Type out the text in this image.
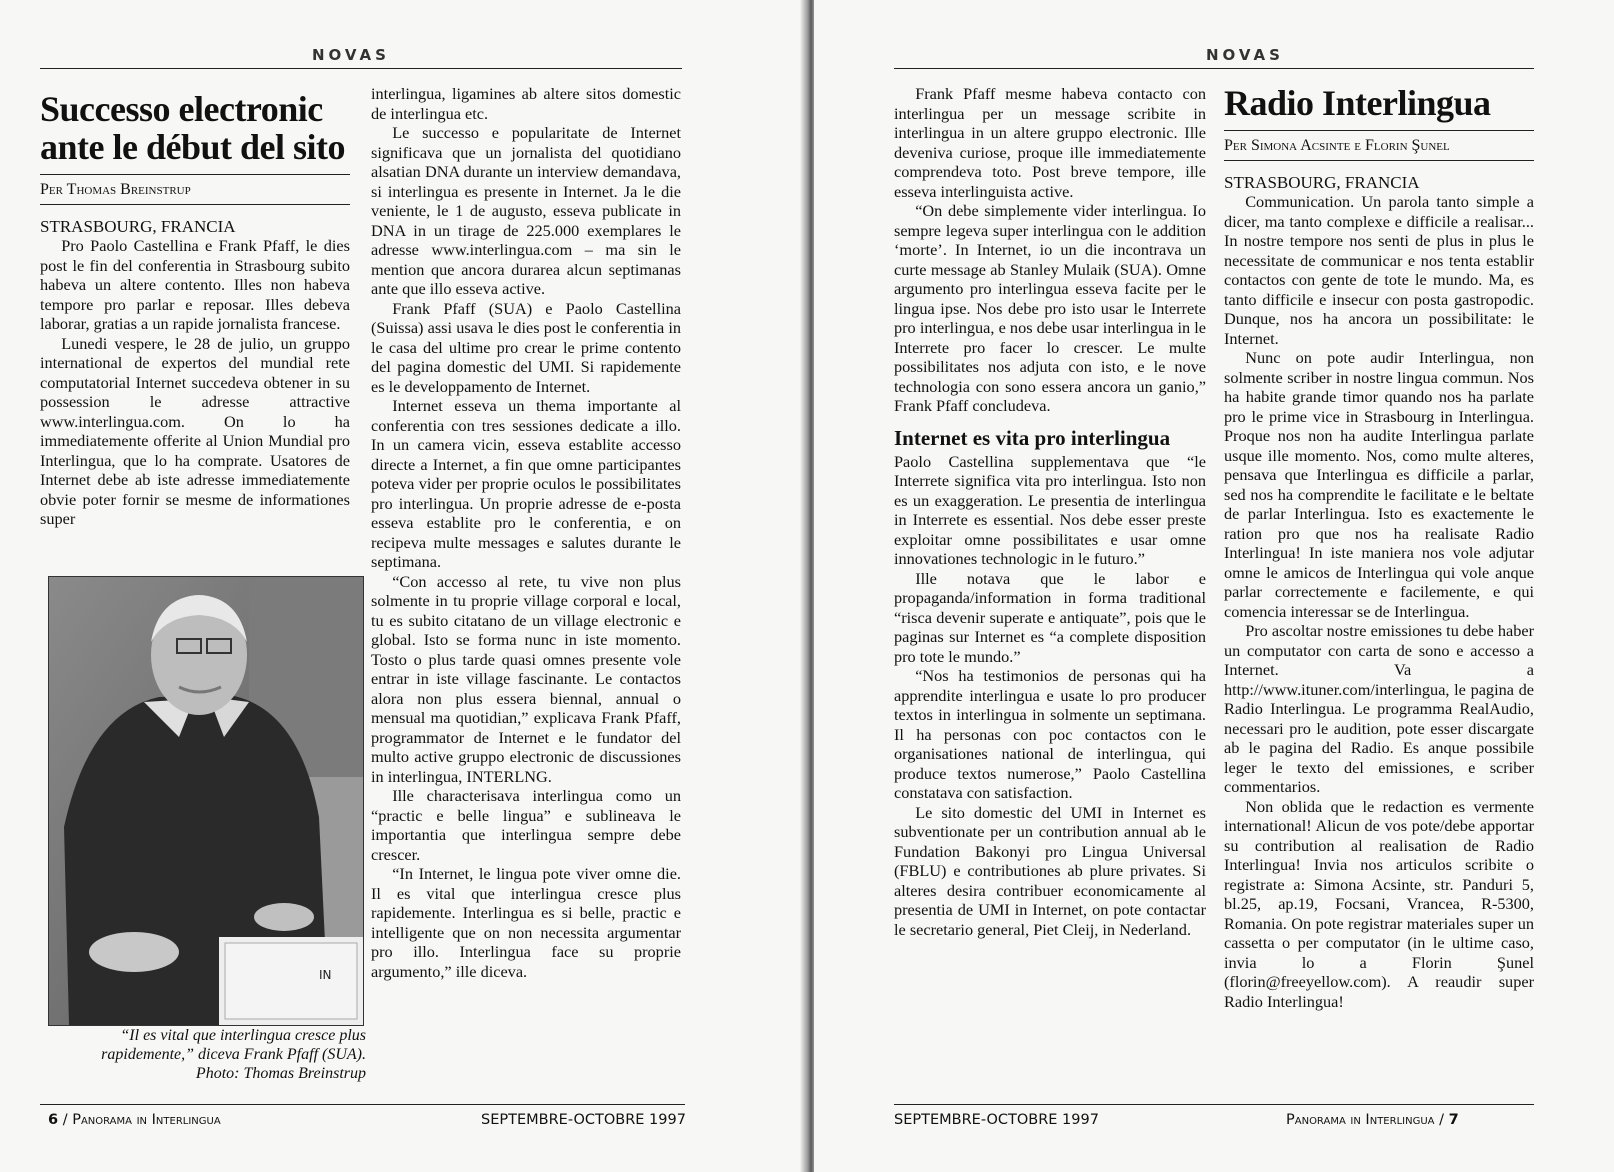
NOVAS
Successo electronic ante le début del sito
Per Thomas Breinstrup

STRASBOURG, FRANCIA

Pro Paolo Castellina e Frank Pfaff, le dies post le fin del conferentia in Strasbourg subito habeva un altere contento. Illes non habeva tempore pro parlar e reposar. Illes debeva laborar, gratias a un rapide jornalista francese.

Lunedi vespere, le 28 de julio, un gruppo international de expertos del mundial rete computatorial Internet succedeva obtener in su possession le adresse attractive www.interlingua.com. On lo ha immediatemente offerite al Union Mundial pro Interlingua, que lo ha comprate. Usatores de Internet debe ab iste adresse immediatemente obvie poter fornir se mesme de informationes super

IN
“Il es vital que interlingua cresce plus rapidemente,” diceva Frank Pfaff (SUA).
Photo: Thomas Breinstrup

interlingua, ligamines ab altere sitos domestic de interlingua etc.

Le successo e popularitate de Internet significava que un jornalista del quotidiano alsatian DNA durante un interview demandava, si interlingua es presente in Internet. Ja le die veniente, le 1 de augusto, esseva publicate in DNA in un tirage de 225.000 exemplares le adresse www.interlingua.com – ma sin le mention que ancora durarea alcun septimanas ante que illo esseva active.

Frank Pfaff (SUA) e Paolo Castellina (Suissa) assi usava le dies post le conferentia in le casa del ultime pro crear le prime contento del pagina domestic del UMI. Si rapidemente es le developpamento de Internet.

Internet esseva un thema importante al conferentia con tres sessiones dedicate a illo. In un camera vicin, esseva establite accesso directe a Internet, a fin que omne participantes poteva vider per proprie oculos le possibilitates pro interlingua. Un proprie adresse de e-posta esseva establite pro le conferentia, e on recipeva multe messages e salutes durante le septimana.

“Con accesso al rete, tu vive non plus solmente in tu proprie village corporal e local, tu es subito citatano de un village electronic e global. Isto se forma nunc in iste momento. Tosto o plus tarde quasi omnes presente vole entrar in iste village fascinante. Le contactos alora non plus essera biennal, annual o mensual ma quotidian,” explicava Frank Pfaff, programmator de Internet e le fundator del multo active gruppo electronic de discussiones in interlingua, INTERLNG.

Ille characterisava interlingua como un “practic e belle lingua” e sublineava le importantia que interlingua sempre debe crescer.

“In Internet, le lingua pote viver omne die. Il es vital que interlingua cresce plus rapidemente. Interlingua es si belle, practic e intelligente que on non necessita argumentar pro illo. Interlingua face su proprie argumento,” ille diceva.

6 / Panorama in Interlingua	SEPTEMBRE-OCTOBRE 1997
NOVAS

Frank Pfaff mesme habeva contacto con interlingua per un message scribite in interlingua in un altere gruppo electronic. Ille deveniva curiose, proque ille immediatemente comprendeva toto. Post breve tempore, ille esseva interlinguista active.

“On debe simplemente vider interlingua. Io sempre legeva super interlingua con le addition ‘morte’. In Internet, io un die incontrava un curte message ab Stanley Mulaik (SUA). Omne argumento pro interlingua esseva facite per le lingua ipse. Nos debe pro isto usar le Interrete pro interlingua, e nos debe usar interlingua in le Interrete pro facer lo crescer. Le multe possibilitates nos adjuta con isto, e le nove technologia con sono essera ancora un ganio,” Frank Pfaff concludeva.

Internet es vita pro interlingua

Paolo Castellina supplementava que “le Interrete significa vita pro interlingua. Isto non es un exaggeration. Le presentia de interlingua in Interrete es essential. Nos debe esser preste exploitar omne possibilitates e usar omne innovationes technologic in le futuro.”

Ille notava que le labor e propaganda/information in forma traditional “risca devenir superate e antiquate”, pois que le paginas sur Internet es “a complete disposition pro tote le mundo.”

“Nos ha testimonios de personas qui ha apprendite interlingua e usate lo pro producer textos in interlingua in solmente un septimana. Il ha personas con poc contactos con le organisationes national de interlingua, qui produce textos numerose,” Paolo Castellina constatava con satisfaction.

Le sito domestic del UMI in Internet es subventionate per un contribution annual ab le Fundation Bakonyi pro Lingua Universal (FBLU) e contributiones ab plure privates. Si alteres desira contribuer economicamente al presentia de UMI in Internet, on pote contactar le secretario general, Piet Cleij, in Nederland.

Radio Interlingua
Per Simona Acsinte e Florin Şunel

STRASBOURG, FRANCIA

Communication. Un parola tanto simple a dicer, ma tanto complexe e difficile a realisar... In nostre tempore nos senti de plus in plus le necessitate de communicar e nos tenta establir contactos con gente de tote le mundo. Ma, es tanto difficile e insecur con posta gastropodic. Dunque, nos ha ancora un possibilitate: le Internet.

Nunc on pote audir Interlingua, non solmente scriber in nostre lingua commun. Nos ha habite grande timor quando nos ha parlate pro le prime vice in Strasbourg in Interlingua. Proque nos non ha audite Interlingua parlate usque ille momento. Nos, como multe alteres, pensava que Interlingua es difficile a parlar, sed nos ha comprendite le facilitate e le beltate de parlar Interlingua. Isto es exactemente le ration pro que nos ha realisate Radio Interlingua! In iste maniera nos vole adjutar omne le amicos de Interlingua qui vole anque parlar correctemente e facilemente, e qui comencia interessar se de Interlingua.

Pro ascoltar nostre emissiones tu debe haber un computator con carta de sono e accesso a Internet. Va a http://www.ituner.com/interlingua, le pagina de Radio Interlingua. Le programma RealAudio, necessari pro le audition, pote esser discargate ab le pagina del Radio. Es anque possibile leger le texto del emissiones, e scriber commentarios.

Non oblida que le redaction es vermente international! Alicun de vos pote/debe apportar su contribution al realisation de Radio Interlingua! Invia nos articulos scribite o registrate a: Simona Acsinte, str. Panduri 5, bl.25, ap.19, Focsani, Vrancea, R-5300, Romania. On pote registrar materiales super un cassetta o per computator (in le ultime caso, invia lo a Florin Şunel (florin@freeyellow.com). A reaudir super Radio Interlingua!

SEPTEMBRE-OCTOBRE 1997	Panorama in Interlingua / 7
